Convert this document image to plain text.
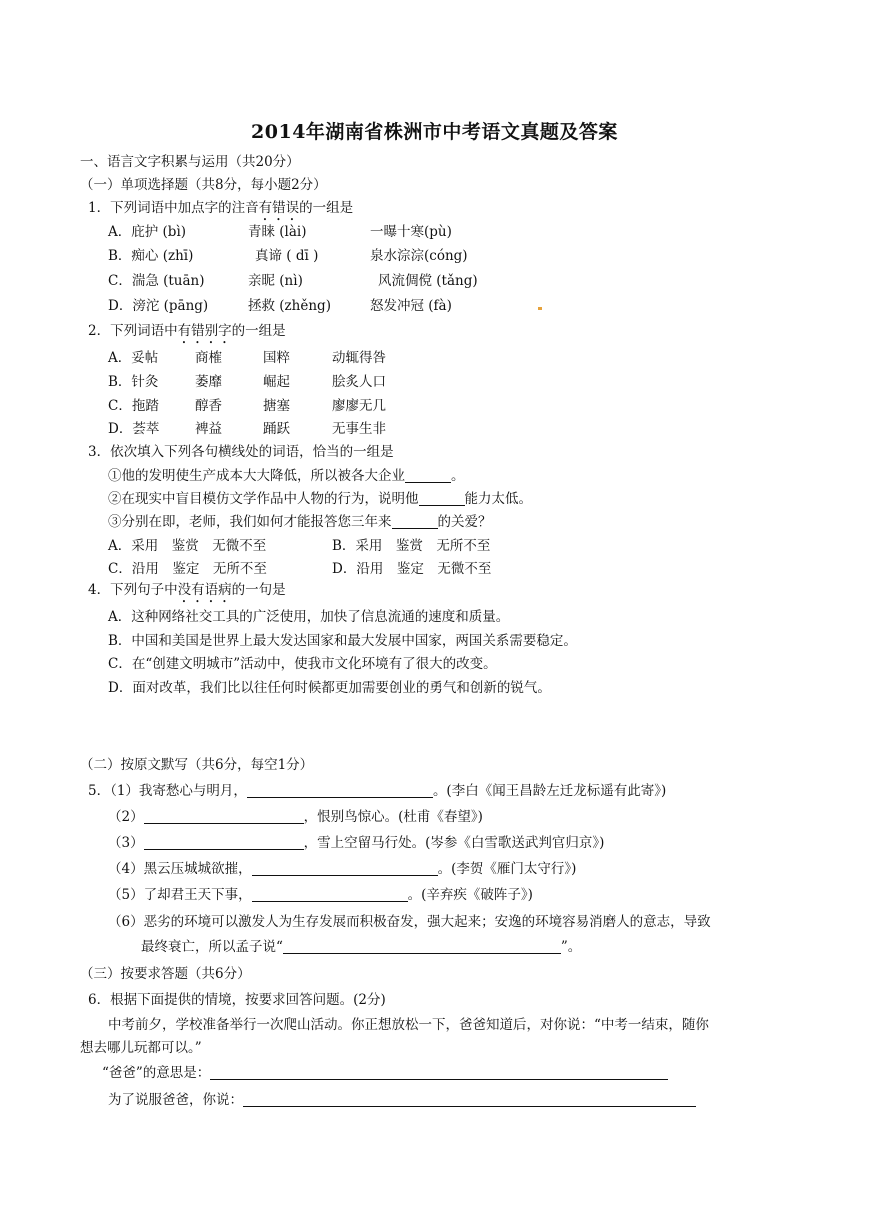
2014年湖南省株洲市中考语文真题及答案
一、语言文字积累与运用（共20分）
（一）单项选择题（共8分，每小题2分）
1．下列词语中加点字的注音有错误的一组是
A．庇护 (bì)	青睐 (lài)	一曝十寒(pù)
B．痴心 (zhī)	真谛 ( dī )	泉水淙淙(cóng)
C．湍急 (tuān)	亲昵 (nì)	风流倜傥 (tǎng)
D．滂沱 (pāng)	拯救 (zhěng)	怒发冲冠 (fà)
2．下列词语中有错别字的一组是
A．妥帖	商榷	国粹	动辄得咎
B．针灸	萎靡	崛起	脍炙人口
C．拖踏	醇香	搪塞	廖廖无几
D．荟萃	裨益	踊跃	无事生非
3．依次填入下列各句横线处的词语，恰当的一组是
①他的发明使生产成本大大降低，所以被各大企业	。
②在现实中盲目模仿文学作品中人物的行为，说明他	能力太低。
③分别在即，老师，我们如何才能报答您三年来	的关爱？
A．采用　鉴赏　无微不至	B．采用　鉴赏　无所不至
C．沿用　鉴定　无所不至	D．沿用　鉴定　无微不至
4．下列句子中没有语病的一句是
A．这种网络社交工具的广泛使用，加快了信息流通的速度和质量。
B．中国和美国是世界上最大发达国家和最大发展中国家，两国关系需要稳定。
C．在“创建文明城市”活动中，使我市文化环境有了很大的改变。
D．面对改革，我们比以往任何时候都更加需要创业的勇气和创新的锐气。
（二）按原文默写（共6分，每空1分）
5．（1）我寄愁心与明月，	。(李白《闻王昌龄左迁龙标遥有此寄》)
（2）	，恨别鸟惊心。(杜甫《春望》)
（3）	，雪上空留马行处。(岑参《白雪歌送武判官归京》)
（4）黑云压城城欲摧，	。(李贺《雁门太守行》)
（5）了却君王天下事，	。(辛弃疾《破阵子》)
（6）恶劣的环境可以激发人为生存发展而积极奋发，强大起来；安逸的环境容易消磨人的意志，导致
最终衰亡，所以孟子说“	”。
（三）按要求答题（共6分）
6．根据下面提供的情境，按要求回答问题。(2分)
中考前夕，学校准备举行一次爬山活动。你正想放松一下，爸爸知道后，对你说：“中考一结束，随你
想去哪儿玩都可以。”
“爸爸”的意思是：
为了说服爸爸，你说：
